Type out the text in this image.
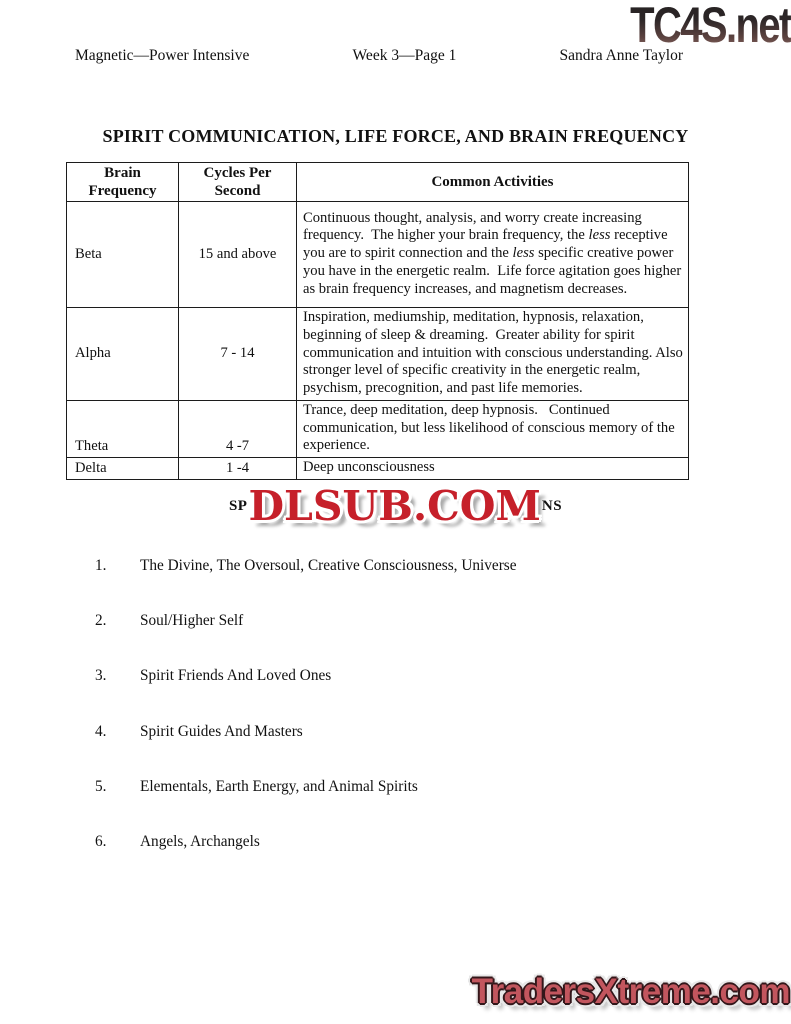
TC4S.net
Magnetic—Power Intensive	Week 3—Page 1	Sandra Anne Taylor
SPIRIT COMMUNICATION, LIFE FORCE, AND BRAIN FREQUENCY
Brain Frequency	Cycles Per Second	Common Activities
Beta	15 and above	Continuous thought, analysis, and worry create increasing frequency.  The higher your brain frequency, the less receptive you are to spirit connection and the less specific creative power you have in the energetic realm.  Life force agitation goes higher as brain frequency increases, and magnetism decreases.
Alpha	7 - 14	Inspiration, mediumship, meditation, hypnosis, relaxation, beginning of sleep & dreaming.  Greater ability for spirit communication and intuition with conscious understanding. Also stronger level of specific creativity in the energetic realm, psychism, precognition, and past life memories.
Theta	4 -7	Trance, deep meditation, deep hypnosis.   Continued communication, but less likelihood of conscious memory of the experience.
Delta	1 -4	Deep unconsciousness
SP DLSUB.COM NS
1. The Divine, The Oversoul, Creative Consciousness, Universe
2. Soul/Higher Self
3. Spirit Friends And Loved Ones
4. Spirit Guides And Masters
5. Elementals, Earth Energy, and Animal Spirits
6. Angels, Archangels
TradersXtreme.com
